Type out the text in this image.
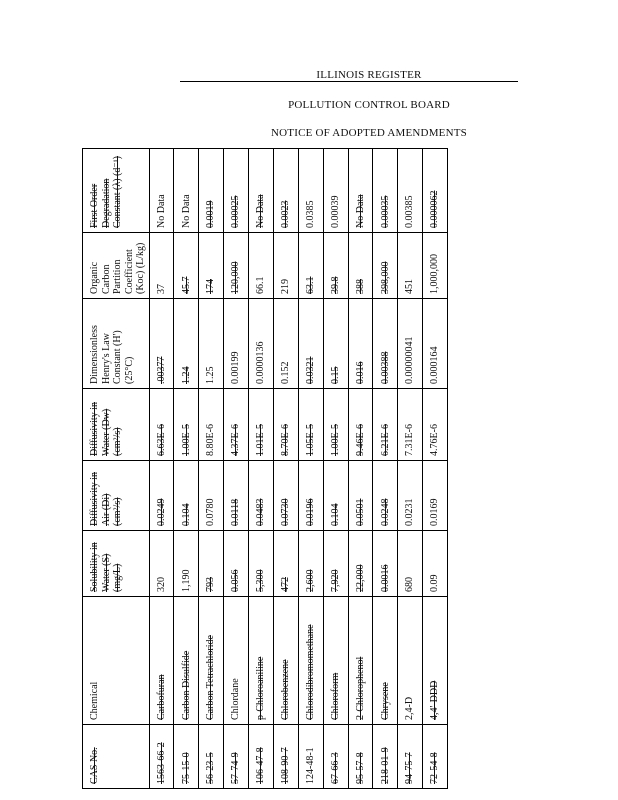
ILLINOIS REGISTER
POLLUTION CONTROL BOARD
NOTICE OF ADOPTED AMENDMENTS
CAS No.	Chemical	Solubility in Water (S) (mg/L)	Diffusivity in Air (Di) (cm²/s)	Diffusivity in Water (Dw) (cm²/s)	Dimensionless Henry's Law Constant (H') (25°C)	Organic Carbon Partition Coefficient (Koc) (L/kg)	First Order Degradation Constant (λ) (d⁻¹)
1563-66-2	Carbofuran	320	0.0249	6.63E-6	.00377	37	No Data
75-15-0	Carbon Disulfide	1,190	0.104	1.00E-5	1.24	45.7	No Data
56-23-5	Carbon Tetrachloride	793	0.0780	8.80E-6	1.25	174	0.0019
57-74-9	Chlordane	0.056	0.0118	4.37E-6	0.00199	120,000	0.00025
106-47-8	p-Chloroaniline	5,300	0.0483	1.01E-5	0.0000136	66.1	No Data
108-90-7	Chlorobenzene	472	0.0730	8.70E-6	0.152	219	0.0023
124-48-1	Chlorodibromomethane	2,600	0.0196	1.05E-5	0.0321	63.1	0.0385
67-66-3	Chloroform	7,920	0.104	1.00E-5	0.15	39.8	0.00039
95-57-8	2-Chlorophenol	22,000	0.0501	9.46E-6	0.016	388	No Data
218-01-9	Chrysene	0.0016	0.0248	6.21E-6	0.00388	398,000	0.00035
94-75-7	2,4-D	680	0.0231	7.31E-6	0.00000041	451	0.00385
72-54-8	4,4'-DDD	0.09	0.0169	4.76E-6	0.000164	1,000,000	0.000062
